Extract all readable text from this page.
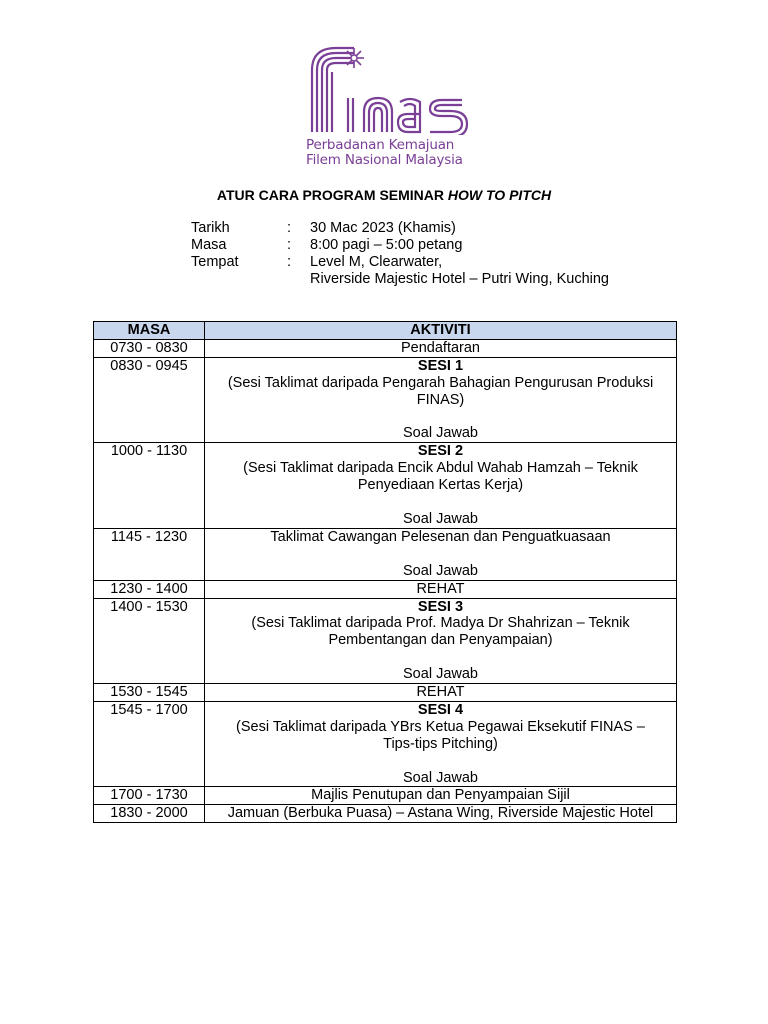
Perbadanan Kemajuan
Filem Nasional Malaysia
ATUR CARA PROGRAM SEMINAR HOW TO PITCH
Tarikh	:	30 Mac 2023 (Khamis)
Masa	:	8:00 pagi – 5:00 petang
Tempat	:	Level M, Clearwater,
Riverside Majestic Hotel – Putri Wing, Kuching
MASA	AKTIVITI
0730 - 0830	Pendaftaran

0830 - 0945	SESI 1
(Sesi Taklimat daripada Pengarah Bahagian Pengurusan Produksi
FINAS)

Soal Jawab

1000 - 1130	SESI 2
(Sesi Taklimat daripada Encik Abdul Wahab Hamzah – Teknik
Penyediaan Kertas Kerja)

Soal Jawab

1145 - 1230	Taklimat Cawangan Pelesenan dan Penguatkuasaan

Soal Jawab

1230 - 1400	REHAT

1400 - 1530	SESI 3
(Sesi Taklimat daripada Prof. Madya Dr Shahrizan – Teknik
Pembentangan dan Penyampaian)

Soal Jawab

1530 - 1545	REHAT

1545 - 1700	SESI 4
(Sesi Taklimat daripada YBrs Ketua Pegawai Eksekutif FINAS –
Tips-tips Pitching)

Soal Jawab

1700 - 1730	Majlis Penutupan dan Penyampaian Sijil

1830 - 2000	Jamuan (Berbuka Puasa) – Astana Wing, Riverside Majestic Hotel
